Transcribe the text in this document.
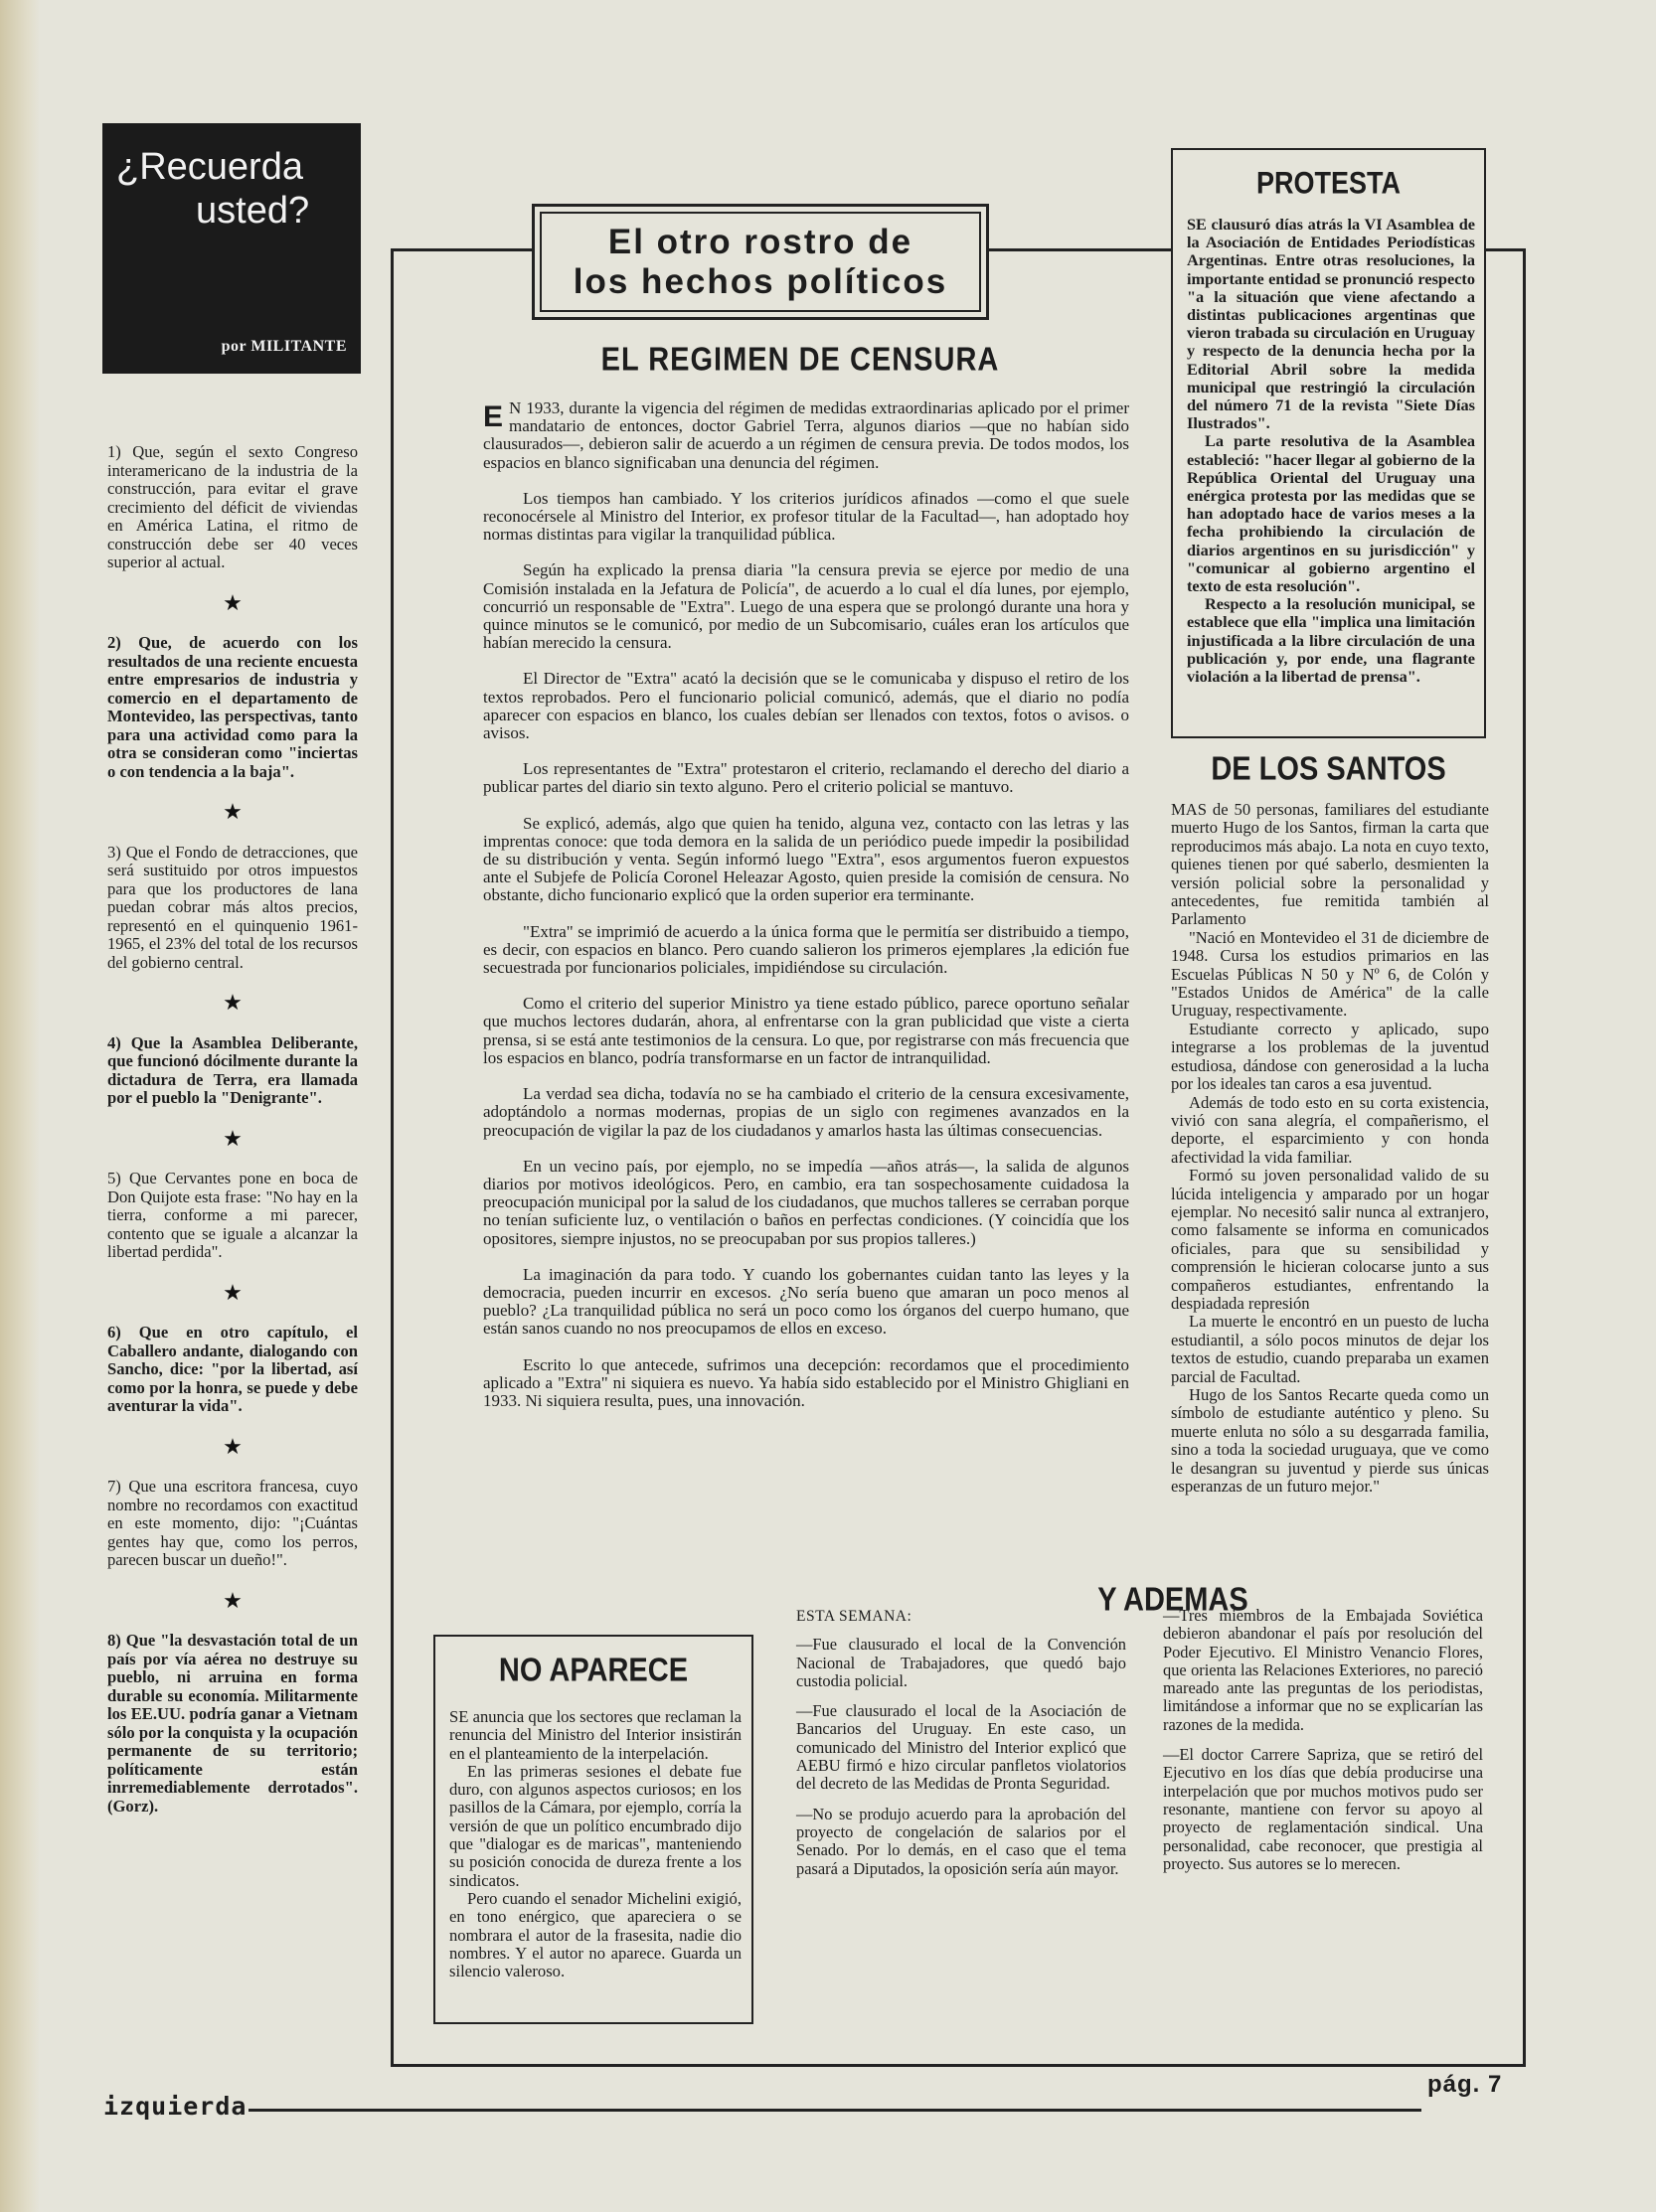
¿Recuerda
usted?
por MILITANTE
1) Que, según el sexto Congreso interamericano de la industria de la construcción, para evitar el grave crecimiento del déficit de viviendas en América Latina, el ritmo de construcción debe ser 40 veces superior al actual.
★
2) Que, de acuerdo con los resultados de una reciente encuesta entre empresarios de industria y comercio en el departamento de Montevideo, las perspectivas, tanto para una actividad como para la otra se consideran como "inciertas o con tendencia a la baja".
★
3) Que el Fondo de detracciones, que será sustituido por otros impuestos para que los productores de lana puedan cobrar más altos precios, representó en el quinquenio 1961-1965, el 23% del total de los recursos del gobierno central.
★
4) Que la Asamblea Deliberante, que funcionó dócilmente durante la dictadura de Terra, era llamada por el pueblo la "Denigrante".
★
5) Que Cervantes pone en boca de Don Quijote esta frase: "No hay en la tierra, conforme a mi parecer, contento que se iguale a alcanzar la libertad perdida".
★
6) Que en otro capítulo, el Caballero andante, dialogando con Sancho, dice: "por la libertad, así como por la honra, se puede y debe aventurar la vida".
★
7) Que una escritora francesa, cuyo nombre no recordamos con exactitud en este momento, dijo: "¡Cuántas gentes hay que, como los perros, parecen buscar un dueño!".
★
8) Que "la desvastación total de un país por vía aérea no destruye su pueblo, ni arruina en forma durable su economía. Militarmente los EE.UU. podría ganar a Vietnam sólo por la conquista y la ocupación permanente de su territorio; políticamente están inrremediablemente derrotados". (Gorz).
El otro rostro de
los hechos políticos
EL REGIMEN DE CENSURA

E N 1933, durante la vigencia del régimen de medidas extraordinarias aplicado por el primer mandatario de entonces, doctor Gabriel Terra, algunos diarios —que no habían sido clausurados—, debieron salir de acuerdo a un régimen de censura previa. De todos modos, los espacios en blanco significaban una denuncia del régimen.

Los tiempos han cambiado. Y los criterios jurídicos afinados —como el que suele reconocérsele al Ministro del Interior, ex profesor titular de la Facultad—, han adoptado hoy normas distintas para vigilar la tranquilidad pública.

Según ha explicado la prensa diaria "la censura previa se ejerce por medio de una Comisión instalada en la Jefatura de Policía", de acuerdo a lo cual el día lunes, por ejemplo, concurrió un responsable de "Extra". Luego de una espera que se prolongó durante una hora y quince minutos se le comunicó, por medio de un Subcomisario, cuáles eran los artículos que habían merecido la censura.

El Director de "Extra" acató la decisión que se le comunicaba y dispuso el retiro de los textos reprobados. Pero el funcionario policial comunicó, además, que el diario no podía aparecer con espacios en blanco, los cuales debían ser llenados con textos, fotos o avisos. o avisos.

Los representantes de "Extra" protestaron el criterio, reclamando el derecho del diario a publicar partes del diario sin texto alguno. Pero el criterio policial se mantuvo.

Se explicó, además, algo que quien ha tenido, alguna vez, contacto con las letras y las imprentas conoce: que toda demora en la salida de un periódico puede impedir la posibilidad de su distribución y venta. Según informó luego "Extra", esos argumentos fueron expuestos ante el Subjefe de Policía Coronel Heleazar Agosto, quien preside la comisión de censura. No obstante, dicho funcionario explicó que la orden superior era terminante.

"Extra" se imprimió de acuerdo a la única forma que le permitía ser distribuido a tiempo, es decir, con espacios en blanco. Pero cuando salieron los primeros ejemplares ,la edición fue secuestrada por funcionarios policiales, impidiéndose su circulación.

Como el criterio del superior Ministro ya tiene estado público, parece oportuno señalar que muchos lectores dudarán, ahora, al enfrentarse con la gran publicidad que viste a cierta prensa, si se está ante testimonios de la censura. Lo que, por registrarse con más frecuencia que los espacios en blanco, podría transformarse en un factor de intranquilidad.

La verdad sea dicha, todavía no se ha cambiado el criterio de la censura excesivamente, adoptándolo a normas modernas, propias de un siglo con regimenes avanzados en la preocupación de vigilar la paz de los ciudadanos y amarlos hasta las últimas consecuencias.

En un vecino país, por ejemplo, no se impedía —años atrás—, la salida de algunos diarios por motivos ideológicos. Pero, en cambio, era tan sospechosamente cuidadosa la preocupación municipal por la salud de los ciudadanos, que muchos talleres se cerraban porque no tenían suficiente luz, o ventilación o baños en perfectas condiciones. (Y coincidía que los opositores, siempre injustos, no se preocupaban por sus propios talleres.)

La imaginación da para todo. Y cuando los gobernantes cuidan tanto las leyes y la democracia, pueden incurrir en excesos. ¿No sería bueno que amaran un poco menos al pueblo? ¿La tranquilidad pública no será un poco como los órganos del cuerpo humano, que están sanos cuando no nos preocupamos de ellos en exceso.

Escrito lo que antecede, sufrimos una decepción: recordamos que el procedimiento aplicado a "Extra" ni siquiera es nuevo. Ya había sido establecido por el Ministro Ghigliani en 1933. Ni siquiera resulta, pues, una innovación.

PROTESTA

SE clausuró días atrás la VI Asamblea de la Asociación de Entidades Periodísticas Argentinas. Entre otras resoluciones, la importante entidad se pronunció respecto "a la situación que viene afectando a distintas publicaciones argentinas que vieron trabada su circulación en Uruguay y respecto de la denuncia hecha por la Editorial Abril sobre la medida municipal que restringió la circulación del número 71 de la revista "Siete Días Ilustrados".

La parte resolutiva de la Asamblea estableció: "hacer llegar al gobierno de la República Oriental del Uruguay una enérgica protesta por las medidas que se han adoptado hace de varios meses a la fecha prohibiendo la circulación de diarios argentinos en su jurisdicción" y "comunicar al gobierno argentino el texto de esta resolución".

Respecto a la resolución municipal, se establece que ella "implica una limitación injustificada a la libre circulación de una publicación y, por ende, una flagrante violación a la libertad de prensa".

DE LOS SANTOS

MAS de 50 personas, familiares del estudiante muerto Hugo de los Santos, firman la carta que reproducimos más abajo. La nota en cuyo texto, quienes tienen por qué saberlo, desmienten la versión policial sobre la personalidad y antecedentes, fue remitida también al Parlamento

"Nació en Montevideo el 31 de diciembre de 1948. Cursa los estudios primarios en las Escuelas Públicas N 50 y Nº 6, de Colón y "Estados Unidos de América" de la calle Uruguay, respectivamente.

Estudiante correcto y aplicado, supo integrarse a los problemas de la juventud estudiosa, dándose con generosidad a la lucha por los ideales tan caros a esa juventud.

Además de todo esto en su corta existencia, vivió con sana alegría, el compañerismo, el deporte, el esparcimiento y con honda afectividad la vida familiar.

Formó su joven personalidad valido de su lúcida inteligencia y amparado por un hogar ejemplar. No necesitó salir nunca al extranjero, como falsamente se informa en comunicados oficiales, para que su sensibilidad y comprensión le hicieran colocarse junto a sus compañeros estudiantes, enfrentando la despiadada represión

La muerte le encontró en un puesto de lucha estudiantil, a sólo pocos minutos de dejar los textos de estudio, cuando preparaba un examen parcial de Facultad.

Hugo de los Santos Recarte queda como un símbolo de estudiante auténtico y pleno. Su muerte enluta no sólo a su desgarrada familia, sino a toda la sociedad uruguaya, que ve como le desangran su juventud y pierde sus únicas esperanzas de un futuro mejor."

NO APARECE

SE anuncia que los sectores que reclaman la renuncia del Ministro del Interior insistirán en el planteamiento de la interpelación.

En las primeras sesiones el debate fue duro, con algunos aspectos curiosos; en los pasillos de la Cámara, por ejemplo, corría la versión de que un político encumbrado dijo que "dialogar es de maricas", manteniendo su posición conocida de dureza frente a los sindicatos.

Pero cuando el senador Michelini exigió, en tono enérgico, que apareciera o se nombrara el autor de la frasesita, nadie dio nombres. Y el autor no aparece. Guarda un silencio valeroso.

Y ADEMAS
ESTA SEMANA:

—Fue clausurado el local de la Convención Nacional de Trabajadores, que quedó bajo custodia policial.

—Fue clausurado el local de la Asociación de Bancarios del Uruguay. En este caso, un comunicado del Ministro del Interior explicó que AEBU firmó e hizo circular panfletos violatorios del decreto de las Medidas de Pronta Seguridad.

—No se produjo acuerdo para la aprobación del proyecto de congelación de salarios por el Senado. Por lo demás, en el caso que el tema pasará a Diputados, la oposición sería aún mayor.

—Tres miembros de la Embajada Soviética debieron abandonar el país por resolución del Poder Ejecutivo. El Ministro Venancio Flores, que orienta las Relaciones Exteriores, no pareció mareado ante las preguntas de los periodistas, limitándose a informar que no se explicarían las razones de la medida.

—El doctor Carrere Sapriza, que se retiró del Ejecutivo en los días que debía producirse una interpelación que por muchos motivos pudo ser resonante, mantiene con fervor su apoyo al proyecto de reglamentación sindical. Una personalidad, cabe reconocer, que prestigia al proyecto. Sus autores se lo merecen.

izquierda
pág. 7
